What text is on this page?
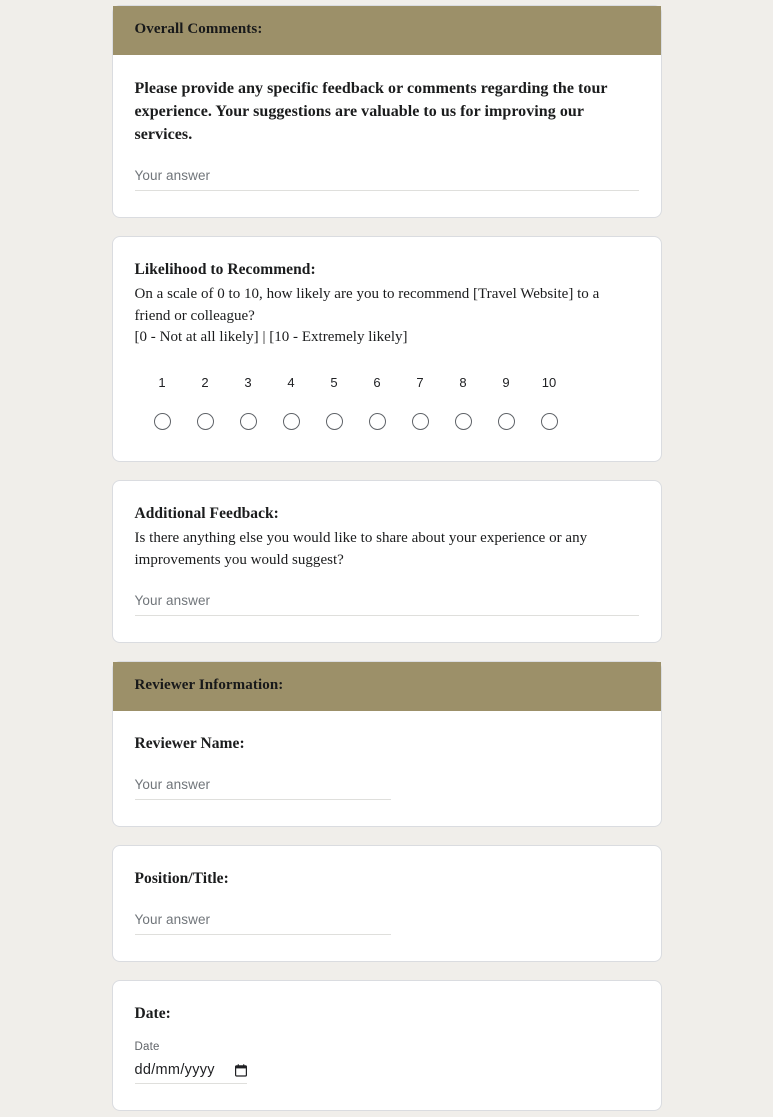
Overall Comments:
Please provide any specific feedback or comments regarding the tour experience. Your suggestions are valuable to us for improving our services.
Your answer
Likelihood to Recommend:
On a scale of 0 to 10, how likely are you to recommend [Travel Website] to a friend or colleague?
[0 - Not at all likely] | [10 - Extremely likely]
1	2	3	4	5	6	7	8	9	10
Additional Feedback:
Is there anything else you would like to share about your experience or any improvements you would suggest?
Your answer
Reviewer Information:
Reviewer Name:
Your answer
Position/Title:
Your answer
Date:
Date
dd/mm/yyyy
